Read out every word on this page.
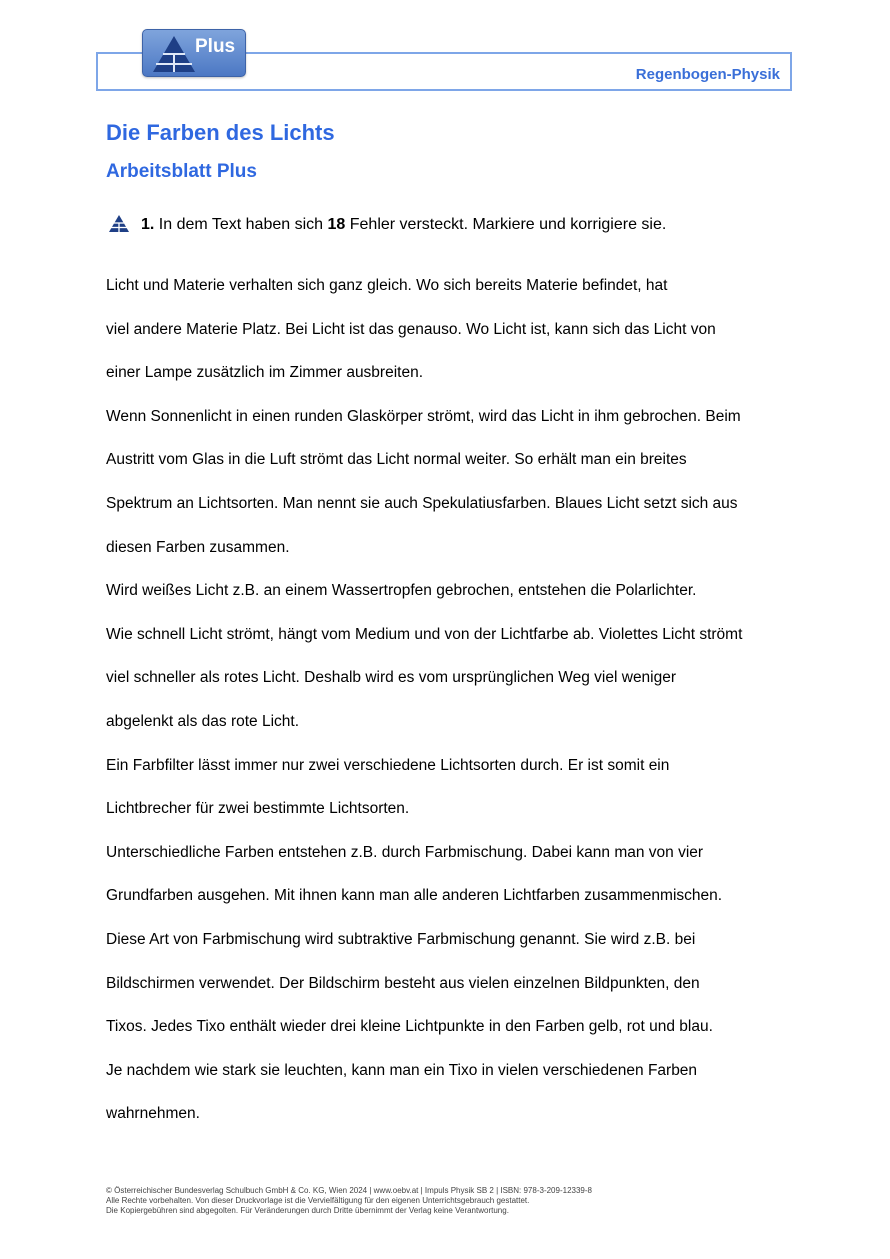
Regenbogen-Physik
Plus
Die Farben des Lichts
Arbeitsblatt Plus
1. In dem Text haben sich 18 Fehler versteckt. Markiere und korrigiere sie.
Licht und Materie verhalten sich ganz gleich. Wo sich bereits Materie befindet, hat
viel andere Materie Platz. Bei Licht ist das genauso. Wo Licht ist, kann sich das Licht von
einer Lampe zusätzlich im Zimmer ausbreiten.
Wenn Sonnenlicht in einen runden Glaskörper strömt, wird das Licht in ihm gebrochen. Beim
Austritt vom Glas in die Luft strömt das Licht normal weiter. So erhält man ein breites
Spektrum an Lichtsorten. Man nennt sie auch Spekulatiusfarben. Blaues Licht setzt sich aus
diesen Farben zusammen.
Wird weißes Licht z.B. an einem Wassertropfen gebrochen, entstehen die Polarlichter.
Wie schnell Licht strömt, hängt vom Medium und von der Lichtfarbe ab. Violettes Licht strömt
viel schneller als rotes Licht. Deshalb wird es vom ursprünglichen Weg viel weniger
abgelenkt als das rote Licht.
Ein Farbfilter lässt immer nur zwei verschiedene Lichtsorten durch. Er ist somit ein
Lichtbrecher für zwei bestimmte Lichtsorten.
Unterschiedliche Farben entstehen z.B. durch Farbmischung. Dabei kann man von vier
Grundfarben ausgehen. Mit ihnen kann man alle anderen Lichtfarben zusammenmischen.
Diese Art von Farbmischung wird subtraktive Farbmischung genannt. Sie wird z.B. bei
Bildschirmen verwendet. Der Bildschirm besteht aus vielen einzelnen Bildpunkten, den
Tixos. Jedes Tixo enthält wieder drei kleine Lichtpunkte in den Farben gelb, rot und blau.
Je nachdem wie stark sie leuchten, kann man ein Tixo in vielen verschiedenen Farben
wahrnehmen.
© Österreichischer Bundesverlag Schulbuch GmbH & Co. KG, Wien 2024 | www.oebv.at | Impuls Physik SB 2 | ISBN: 978-3-209-12339-8
Alle Rechte vorbehalten. Von dieser Druckvorlage ist die Vervielfältigung für den eigenen Unterrichtsgebrauch gestattet.
Die Kopiergebühren sind abgegolten. Für Veränderungen durch Dritte übernimmt der Verlag keine Verantwortung.
